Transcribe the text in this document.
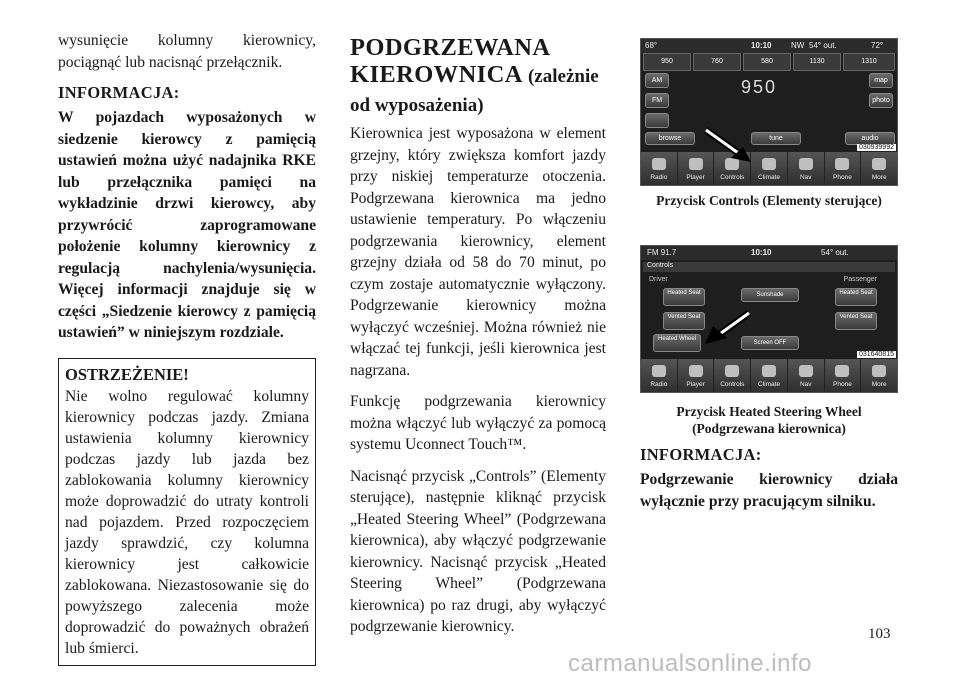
wysunięcie kolumny kierownicy, pociągnąć lub nacisnąć przełącznik.

INFORMACJA:

W pojazdach wyposażonych w siedzenie kierowcy z pamięcią ustawień można użyć nadajnika RKE lub przełącznika pamięci na wykładzinie drzwi kierowcy, aby przywrócić zaprogramowane położenie kolumny kierownicy z regulacją nachylenia/wysunięcia. Więcej informacji znajduje się w części „Siedzenie kierowcy z pamięcią ustawień” w niniejszym rozdziale.

OSTRZEŻENIE!

Nie wolno regulować kolumny kierownicy podczas jazdy. Zmiana ustawienia kolumny kierownicy podczas jazdy lub jazda bez zablokowania kolumny kierownicy może doprowadzić do utraty kontroli nad pojazdem. Przed rozpoczęciem jazdy sprawdzić, czy kolumna kierownicy jest całkowicie zablokowana. Niezastosowanie się do powyższego zalecenia może doprowadzić do poważnych obrażeń lub śmierci.

PODGRZEWANA KIEROWNICA (zależnie od wyposażenia)

Kierownica jest wyposażona w element grzejny, który zwiększa komfort jazdy przy niskiej temperaturze otoczenia. Podgrzewana kierownica ma jedno ustawienie temperatury. Po włączeniu podgrzewania kierownicy, element grzejny działa od 58 do 70 minut, po czym zostaje automatycznie wyłączony. Podgrzewanie kierownicy można wyłączyć wcześniej. Można również nie włączać tej funkcji, jeśli kierownica jest nagrzana.

Funkcję podgrzewania kierownicy można włączyć lub wyłączyć za pomocą systemu Uconnect Touch™.

Nacisnąć przycisk „Controls” (Elementy sterujące), następnie kliknąć przycisk „Heated Steering Wheel” (Podgrzewana kierownica), aby włączyć podgrzewanie kierownicy. Nacisnąć przycisk „Heated Steering Wheel” (Podgrzewana kierownica) po raz drugi, aby wyłączyć podgrzewanie kierownicy.

68°	10:10 NW 54° out.	72°
950	760	580	1130	1310
AM
FM
950	map
photo
browse	tune	audio
Radio	Player	Controls	Climate	Nav	Phone	More
030939992
Przycisk Controls (Elementy sterujące)
FM 91.7	10:10	54° out.
Controls
Driver	Passenger
Heated Seat
Vented Seat
Heated Wheel
Sunshade
Screen OFF
Heated Seat
Vented Seat
Radio	Player	Controls	Climate	Nav	Phone	More
031640815
Przycisk Heated Steering Wheel
(Podgrzewana kierownica)
INFORMACJA:

Podgrzewanie kierownicy działa wyłącznie przy pracującym silniku.

103
carmanualsonline.info
